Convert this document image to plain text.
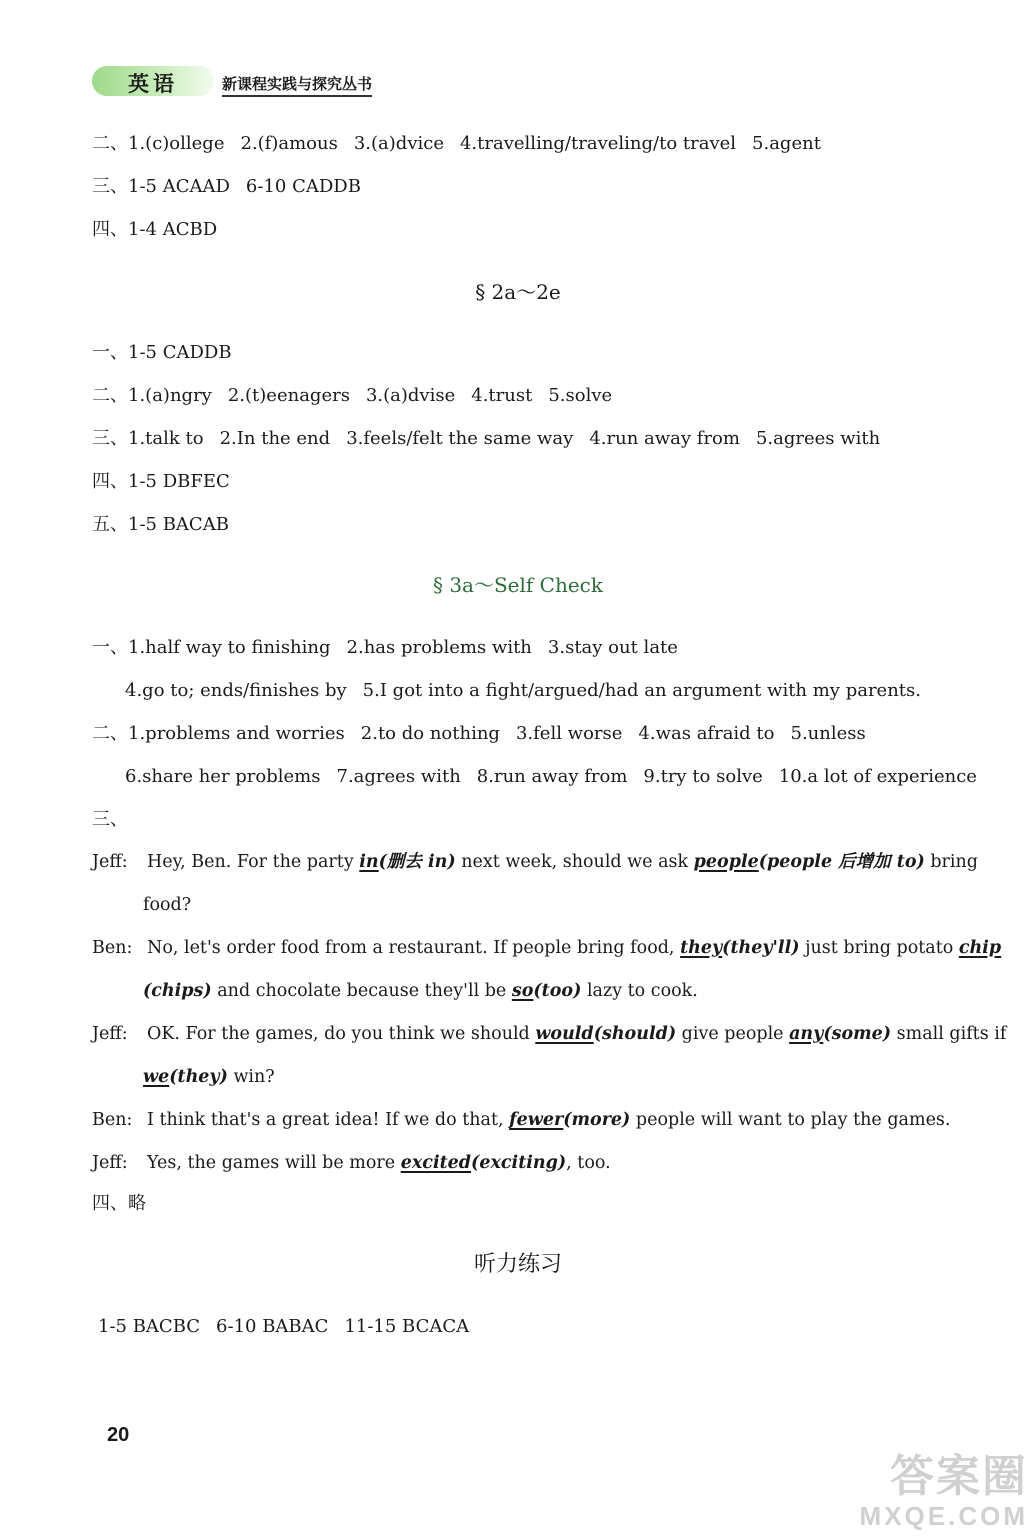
英语	新课程实践与探究丛书
二、1.(c)ollege 2.(f)amous 3.(a)dvice 4.travelling/traveling/to travel 5.agent
三、1-5 ACAAD 6-10 CADDB
四、1-4 ACBD
§ 2a～2e
一、1-5 CADDB
二、1.(a)ngry 2.(t)eenagers 3.(a)dvise 4.trust 5.solve
三、1.talk to 2.In the end 3.feels/felt the same way 4.run away from 5.agrees with
四、1-5 DBFEC
五、1-5 BACAB
§ 3a～Self Check
一、1.half way to finishing 2.has problems with 3.stay out late
4.go to; ends/finishes by 5.I got into a fight/argued/had an argument with my parents.
二、1.problems and worries 2.to do nothing 3.fell worse 4.was afraid to 5.unless
6.share her problems 7.agrees with 8.run away from 9.try to solve 10.a lot of experience
三、
Jeff: Hey, Ben. For the party in(删去 in) next week, should we ask people(people 后增加 to) bring
food?
Ben: No, let's order food from a restaurant. If people bring food, they(they'll) just bring potato chip
(chips) and chocolate because they'll be so(too) lazy to cook.
Jeff: OK. For the games, do you think we should would(should) give people any(some) small gifts if
we(they) win?
Ben: I think that's a great idea! If we do that, fewer(more) people will want to play the games.
Jeff: Yes, the games will be more excited(exciting), too.
四、略
听力练习
1-5 BACBC 6-10 BABAC 11-15 BCACA
20
答案圈
MXQE.COM
